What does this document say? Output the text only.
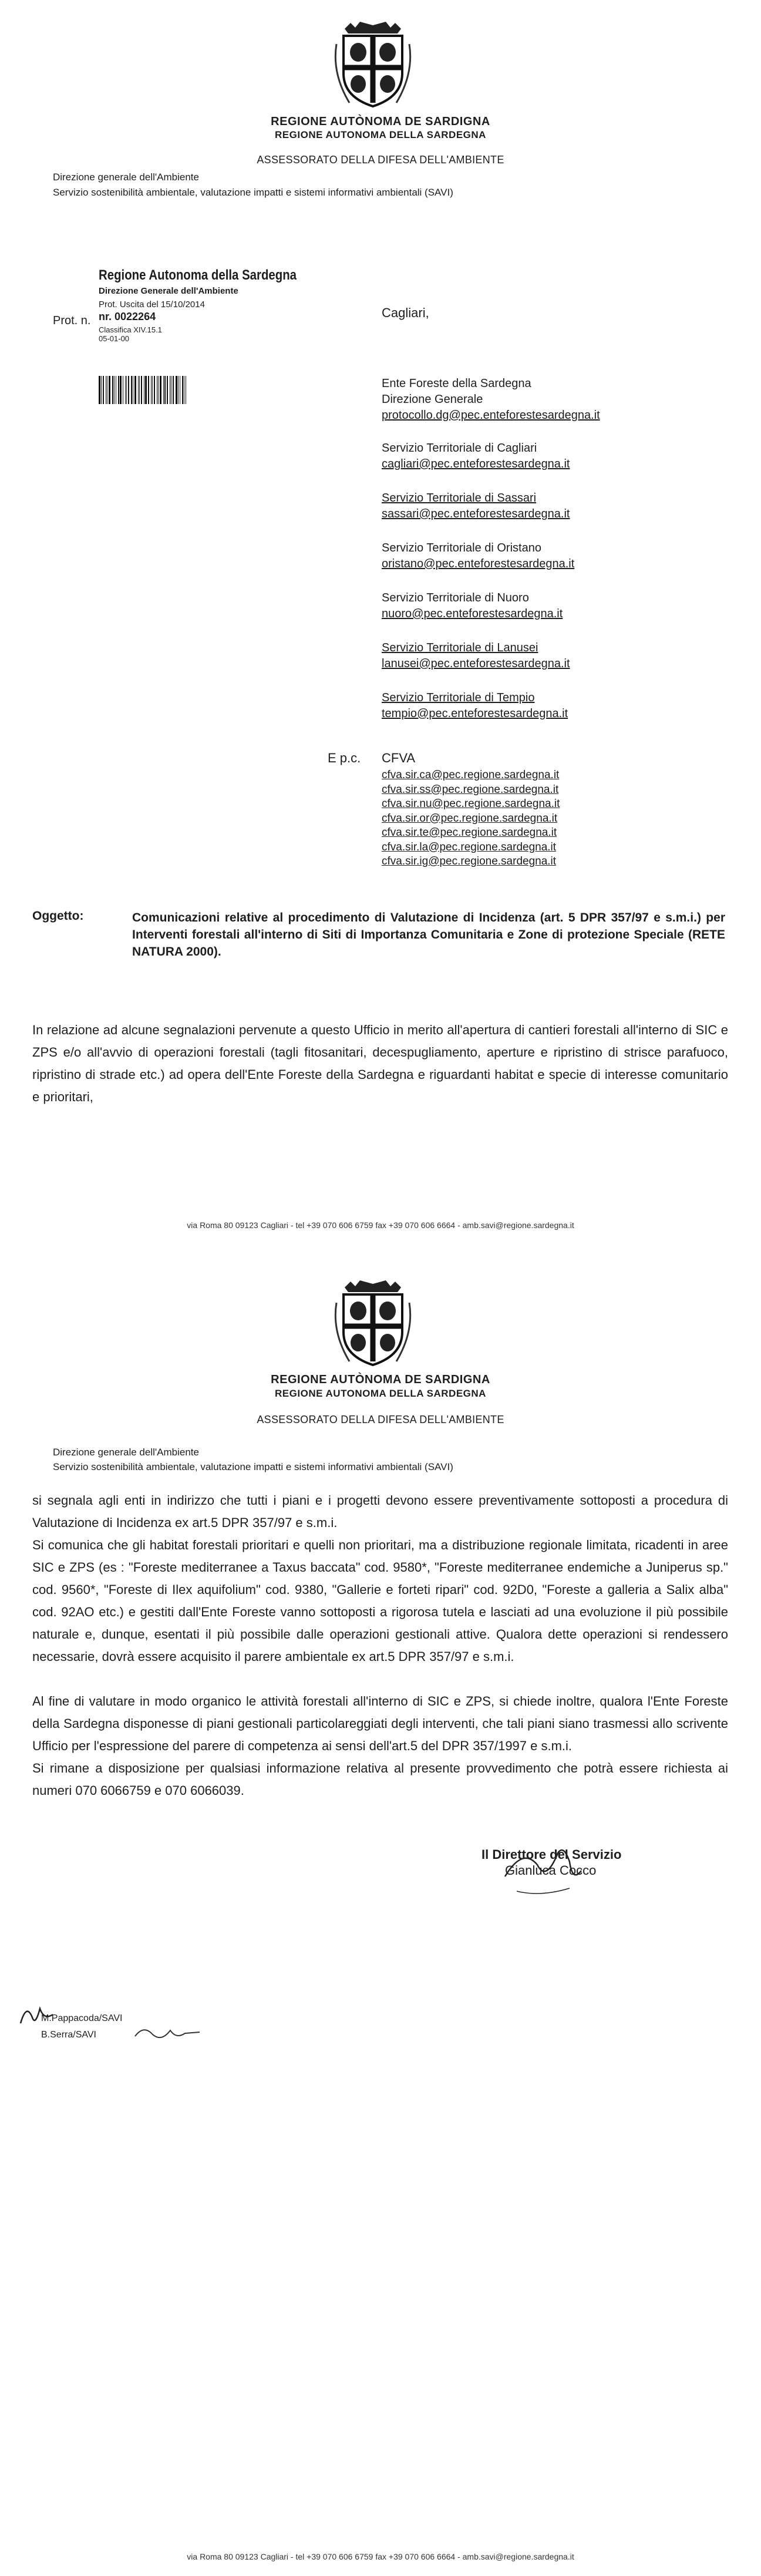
REGIONE AUTÒNOMA DE SARDIGNA
REGIONE AUTONOMA DELLA SARDEGNA
ASSESSORATO DELLA DIFESA DELL'AMBIENTE
Direzione generale dell'Ambiente
Servizio sostenibilità ambientale, valutazione impatti e sistemi informativi ambientali (SAVI)
Prot. n.
Regione Autonoma della Sardegna
Direzione Generale dell'Ambiente
Prot. Uscita del 15/10/2014
nr. 0022264
Classifica XIV.15.1
05-01-00
Cagliari,
Ente Foreste della Sardegna
Direzione Generale
protocollo.dg@pec.enteforestesardegna.it
Servizio Territoriale di Cagliari
cagliari@pec.enteforestesardegna.it
Servizio Territoriale di Sassari
sassari@pec.enteforestesardegna.it
Servizio Territoriale di Oristano
oristano@pec.enteforestesardegna.it
Servizio Territoriale di Nuoro
nuoro@pec.enteforestesardegna.it
Servizio Territoriale di Lanusei
lanusei@pec.enteforestesardegna.it
Servizio Territoriale di Tempio
tempio@pec.enteforestesardegna.it
E p.c. CFVA
cfva.sir.ca@pec.regione.sardegna.it
cfva.sir.ss@pec.regione.sardegna.it
cfva.sir.nu@pec.regione.sardegna.it
cfva.sir.or@pec.regione.sardegna.it
cfva.sir.te@pec.regione.sardegna.it
cfva.sir.la@pec.regione.sardegna.it
cfva.sir.ig@pec.regione.sardegna.it
Oggetto:	Comunicazioni relative al procedimento di Valutazione di Incidenza (art. 5 DPR 357/97 e s.m.i.) per Interventi forestali all'interno di Siti di Importanza Comunitaria e Zone di protezione Speciale (RETE NATURA 2000).
In relazione ad alcune segnalazioni pervenute a questo Ufficio in merito all'apertura di cantieri forestali all'interno di SIC e ZPS e/o all'avvio di operazioni forestali (tagli fitosanitari, decespugliamento, aperture e ripristino di strisce parafuoco, ripristino di strade etc.) ad opera dell'Ente Foreste della Sardegna e riguardanti habitat e specie di interesse comunitario e prioritari,
via Roma 80 09123 Cagliari - tel +39 070 606 6759 fax +39 070 606 6664 - amb.savi@regione.sardegna.it
REGIONE AUTÒNOMA DE SARDIGNA
REGIONE AUTONOMA DELLA SARDEGNA
ASSESSORATO DELLA DIFESA DELL'AMBIENTE
Direzione generale dell'Ambiente
Servizio sostenibilità ambientale, valutazione impatti e sistemi informativi ambientali (SAVI)
si segnala agli enti in indirizzo che tutti i piani e i progetti devono essere preventivamente sottoposti a procedura di Valutazione di Incidenza ex art.5 DPR 357/97 e s.m.i.
Si comunica che gli habitat forestali prioritari e quelli non prioritari, ma a distribuzione regionale limitata, ricadenti in aree SIC e ZPS (es : "Foreste mediterranee a Taxus baccata" cod. 9580*, "Foreste mediterranee endemiche a Juniperus sp." cod. 9560*, "Foreste di Ilex aquifolium" cod. 9380, "Gallerie e forteti ripari" cod. 92D0, "Foreste a galleria a Salix alba" cod. 92AO etc.) e gestiti dall'Ente Foreste vanno sottoposti a rigorosa tutela e lasciati ad una evoluzione il più possibile naturale e, dunque, esentati il più possibile dalle operazioni gestionali attive. Qualora dette operazioni si rendessero necessarie, dovrà essere acquisito il parere ambientale ex art.5 DPR 357/97 e s.m.i.
Al fine di valutare in modo organico le attività forestali all'interno di SIC e ZPS, si chiede inoltre, qualora l'Ente Foreste della Sardegna disponesse di piani gestionali particolareggiati degli interventi, che tali piani siano trasmessi allo scrivente Ufficio per l'espressione del parere di competenza ai sensi dell'art.5 del DPR 357/1997 e s.m.i.
Si rimane a disposizione per qualsiasi informazione relativa al presente provvedimento che potrà essere richiesta ai numeri 070 6066759 e 070 6066039.
Il Direttore del Servizio
Gianluca Cocco
M.Pappacoda/SAVI
B.Serra/SAVI
via Roma 80 09123 Cagliari - tel +39 070 606 6759 fax +39 070 606 6664 - amb.savi@regione.sardegna.it
